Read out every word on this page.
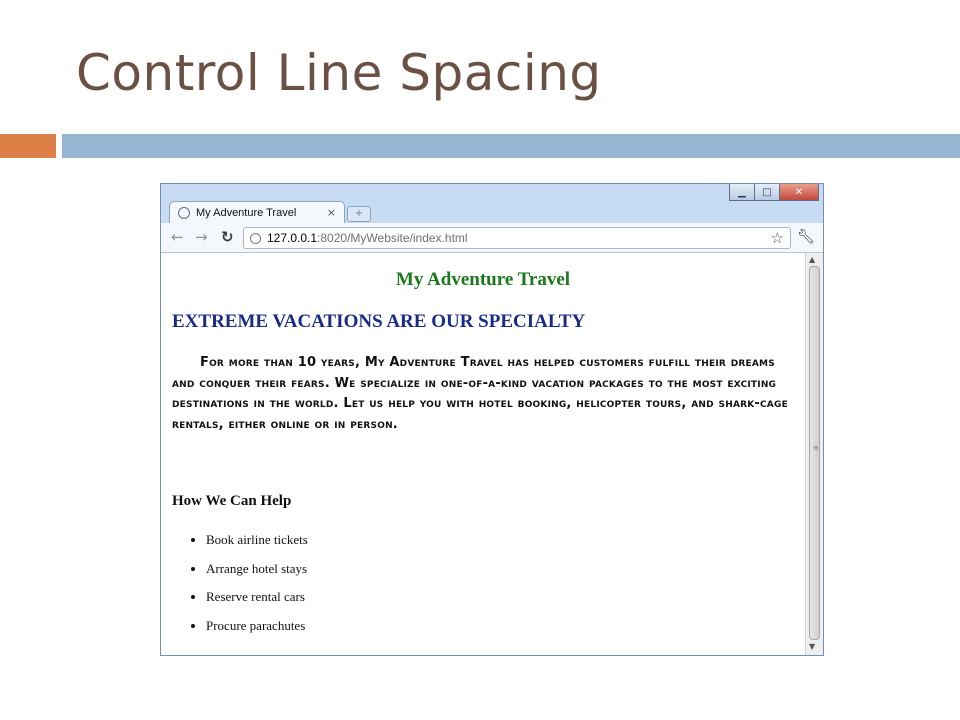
Control Line Spacing
▁	□	✕
My Adventure Travel	×	+
← → ↻	127.0.0.1 :8020/MyWebsite/index.html	☆ 🔧︎
My Adventure Travel
EXTREME VACATIONS ARE OUR SPECIALTY

For more than 10 years, My Adventure Travel has helped customers fulfill their dreams and conquer their fears. We specialize in one-of-a-kind vacation packages to the most exciting destinations in the world. Let us help you with hotel booking, helicopter tours, and shark-cage rentals, either online or in person.

How We Can Help
• Book airline tickets
• Arrange hotel stays
• Reserve rental cars
• Procure parachutes
▲
≡
▼
